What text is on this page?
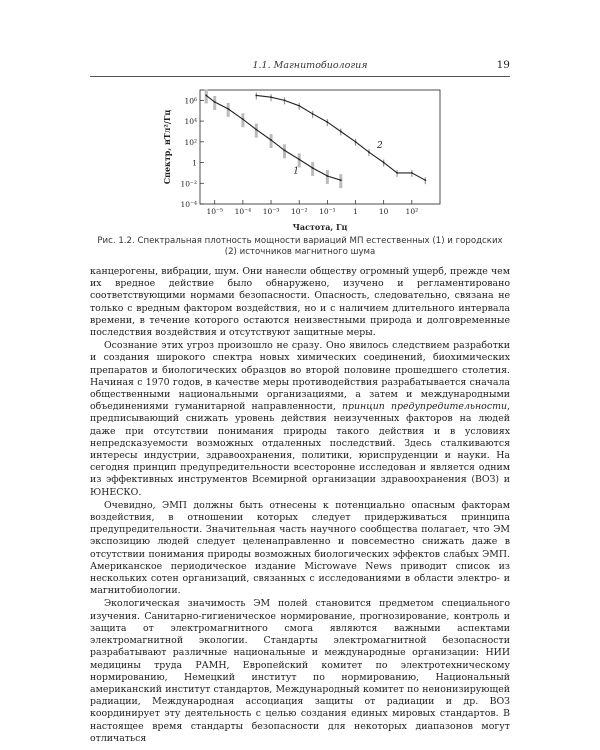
1.1. Магнитобиология	19
10⁻⁵ 10⁻⁴ 10⁻³ 10⁻² 10⁻¹ 1	10 10²
10⁶
10⁴
10²
1
10⁻²
10⁻⁴
1
2
Частота, Гц
Спектр, нТл²/Гц
Рис. 1.2. Спектральная плотность мощности вариаций МП естественных (1) и городских (2) источников магнитного шума

канцерогены, вибрации, шум. Они нанесли обществу огромный ущерб, прежде чем их вредное действие было обнаружено, изучено и регламентировано соответствующими нормами безопасности. Опасность, следовательно, связана не только с вредным фактором воздействия, но и с наличием длительного интервала времени, в течение которого остаются неизвестными природа и долговременные последствия воздействия и отсутствуют защитные меры.

Осознание этих угроз произошло не сразу. Оно явилось следствием разработки и создания широкого спектра новых химических соединений, биохимических препаратов и биологических образцов во второй половине прошедшего столетия. Начиная с 1970 годов, в качестве меры противодействия разрабатывается сначала общественными национальными организациями, а затем и международными объединениями гуманитарной направленности, принцип предупредительности, предписывающий снижать уровень действия неизученных факторов на людей даже при отсутствии понимания природы такого действия и в условиях непредсказуемости возможных отдаленных последствий. Здесь сталкиваются интересы индустрии, здравоохранения, политики, юриспруденции и науки. На сегодня принцип предупредительности всесторонне исследован и является одним из эффективных инструментов Всемирной организации здравоохранения (ВОЗ) и ЮНЕСКО.

Очевидно, ЭМП должны быть отнесены к потенциально опасным факторам воздействия, в отношении которых следует придерживаться принципа предупредительности. Значительная часть научного сообщества полагает, что ЭМ экспозицию людей следует целенаправленно и повсеместно снижать даже в отсутствии понимания природы возможных биологических эффектов слабых ЭМП. Американское периодическое издание Microwave News приводит список из нескольких сотен организаций, связанных с исследованиями в области электро- и магнитобиологии.

Экологическая значимость ЭМ полей становится предметом специального изучения. Санитарно-гигиеническое нормирование, прогнозирование, контроль и защита от электромагнитного смога являются важными аспектами электромагнитной экологии. Стандарты электромагнитной безопасности разрабатывают различные национальные и международные организации: НИИ медицины труда РАМН, Европейский комитет по электротехническому нормированию, Немецкий институт по нормированию, Национальный американский институт стандартов, Международный комитет по неионизирующей радиации, Международная ассоциация защиты от радиации и др. ВОЗ координирует эту деятельность с целью создания единых мировых стандартов. В настоящее время стандарты безопасности для некоторых диапазонов могут отличаться
